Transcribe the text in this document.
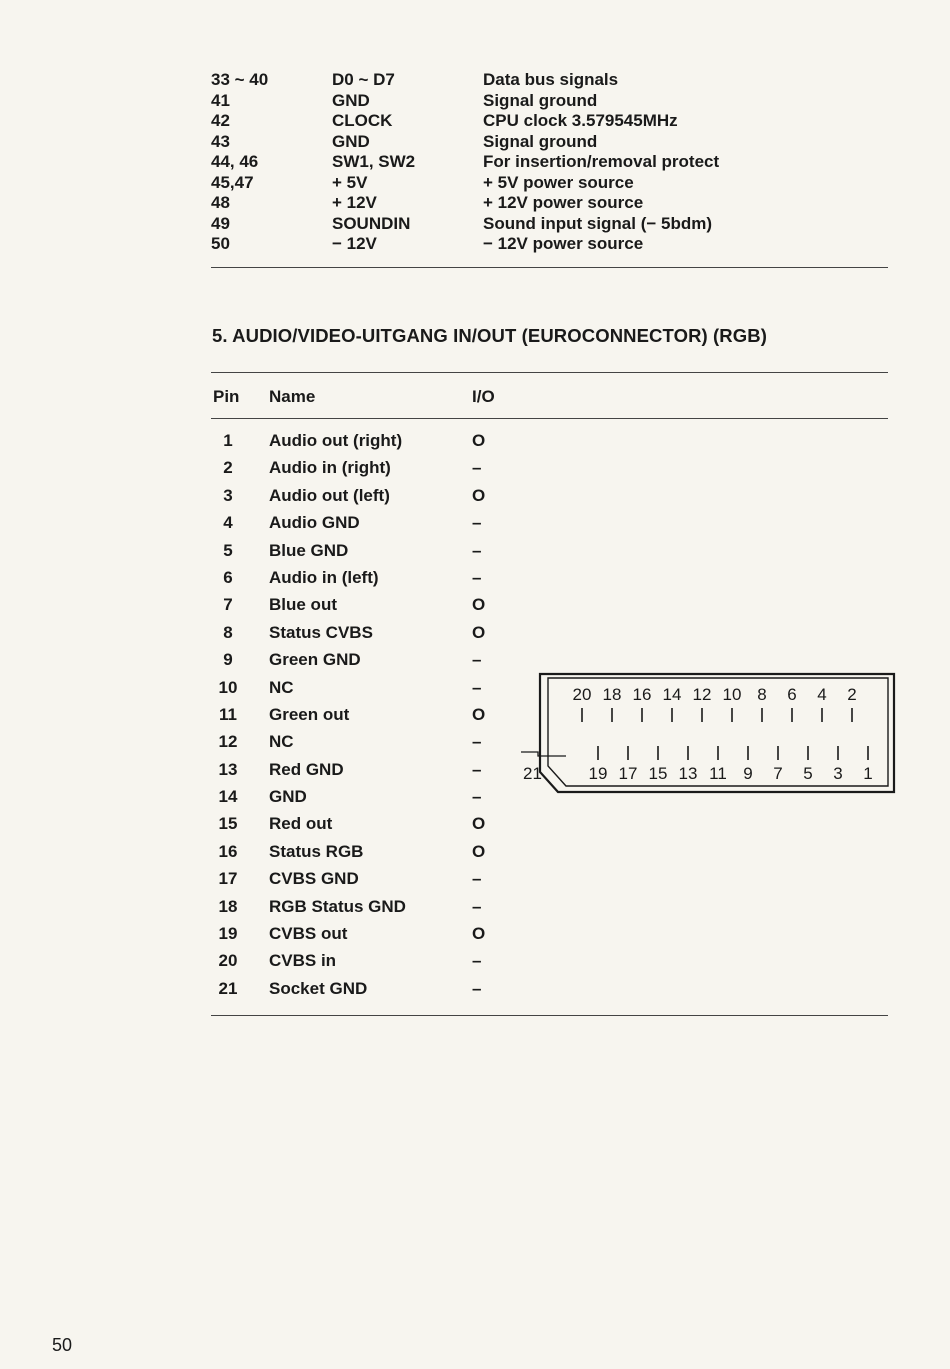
33 ~ 40	D0 ~ D7	Data bus signals
41	GND	Signal ground
42	CLOCK	CPU clock 3.579545MHz
43	GND	Signal ground
44, 46	SW1, SW2	For insertion/removal protect
45,47	+ 5V	+ 5V power source
48	+ 12V	+ 12V power source
49	SOUNDIN	Sound input signal (− 5bdm)
50	− 12V	− 12V power source
5. AUDIO/VIDEO-UITGANG IN/OUT (EUROCONNECTOR) (RGB)
Pin	Name	I/O
1	Audio out (right)	O
2	Audio in (right)	–
3	Audio out (left)	O
4	Audio GND	–
5	Blue GND	–
6	Audio in (left)	–
7	Blue out	O
8	Status CVBS	O
9	Green GND	–
10	NC	–
11	Green out	O
12	NC	–
13	Red GND	–
14	GND	–
15	Red out	O
16	Status RGB	O
17	CVBS GND	–
18	RGB Status GND	–
19	CVBS out	O
20	CVBS in	–
21	Socket GND	–
21
20 18 16 14 12 10 8 6 4 2
19 17 15 13 11 9 7 5 3 1
50
